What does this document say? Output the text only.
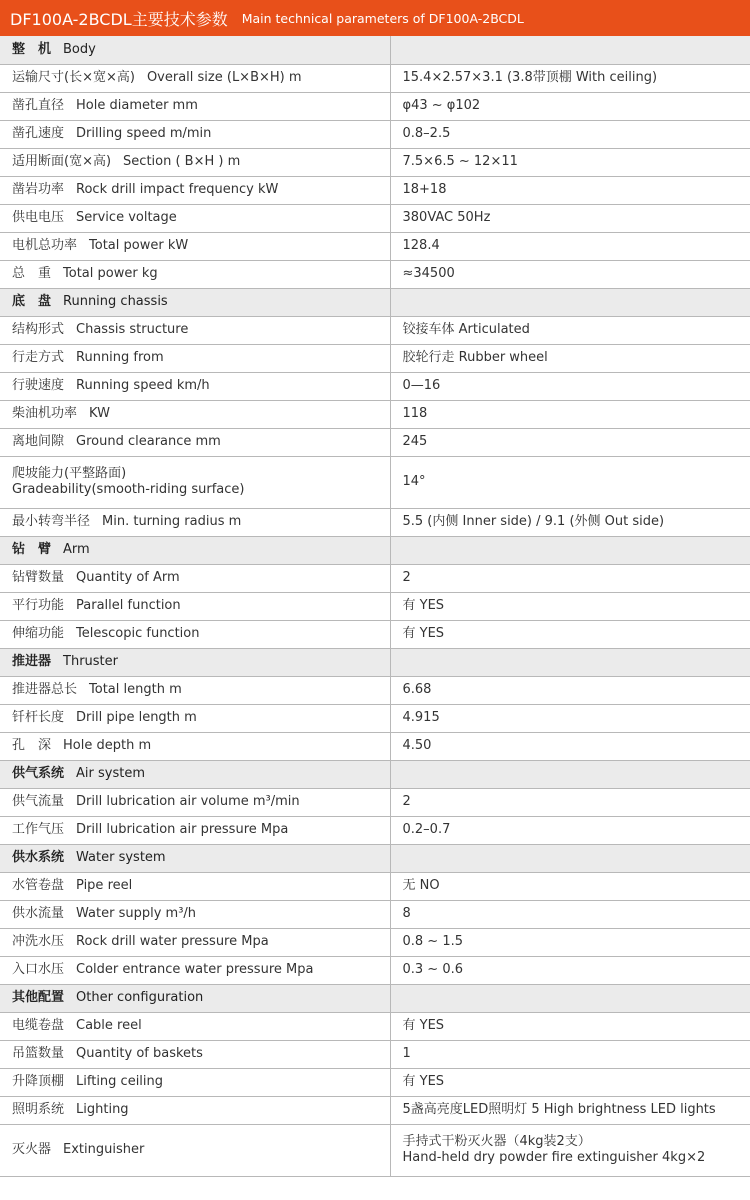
DF100A-2BCDL主要技术参数 Main technical parameters of DF100A-2BCDL
整　机 Body	
运输尺寸(长×宽×高) Overall size (L×B×H) m	15.4×2.57×3.1 (3.8带顶棚 With ceiling)
凿孔直径 Hole diameter mm	φ43 ~ φ102
凿孔速度 Drilling speed m/min	0.8–2.5
适用断面(宽×高) Section ( B×H ) m	7.5×6.5 ~ 12×11
凿岩功率 Rock drill impact frequency kW	18+18
供电电压 Service voltage	380VAC 50Hz
电机总功率 Total power kW	128.4
总　重 Total power kg	≈34500
底　盘 Running chassis	
结构形式 Chassis structure	铰接车体 Articulated
行走方式 Running from	胶轮行走 Rubber wheel
行驶速度 Running speed km/h	0—16
柴油机功率 KW	118
离地间隙 Ground clearance mm	245
爬坡能力(平整路面)
Gradeability(smooth-riding surface)	14°
最小转弯半径 Min. turning radius m	5.5 (内侧 Inner side) / 9.1 (外侧 Out side)
钻　臂 Arm	
钻臂数量 Quantity of Arm	2
平行功能 Parallel function	有 YES
伸缩功能 Telescopic function	有 YES
推进器 Thruster	
推进器总长 Total length m	6.68
钎杆长度 Drill pipe length m	4.915
孔　深 Hole depth m	4.50
供气系统 Air system	
供气流量 Drill lubrication air volume m³/min	2
工作气压 Drill lubrication air pressure Mpa	0.2–0.7
供水系统 Water system	
水管卷盘 Pipe reel	无 NO
供水流量 Water supply m³/h	8
冲洗水压 Rock drill water pressure Mpa	0.8 ~ 1.5
入口水压 Colder entrance water pressure Mpa	0.3 ~ 0.6
其他配置 Other configuration	
电缆卷盘 Cable reel	有 YES
吊篮数量 Quantity of baskets	1
升降顶棚 Lifting ceiling	有 YES
照明系统 Lighting	5盏高亮度LED照明灯 5 High brightness LED lights
灭火器 Extinguisher	手持式干粉灭火器（4kg装2支）
Hand-held dry powder fire extinguisher 4kg×2
